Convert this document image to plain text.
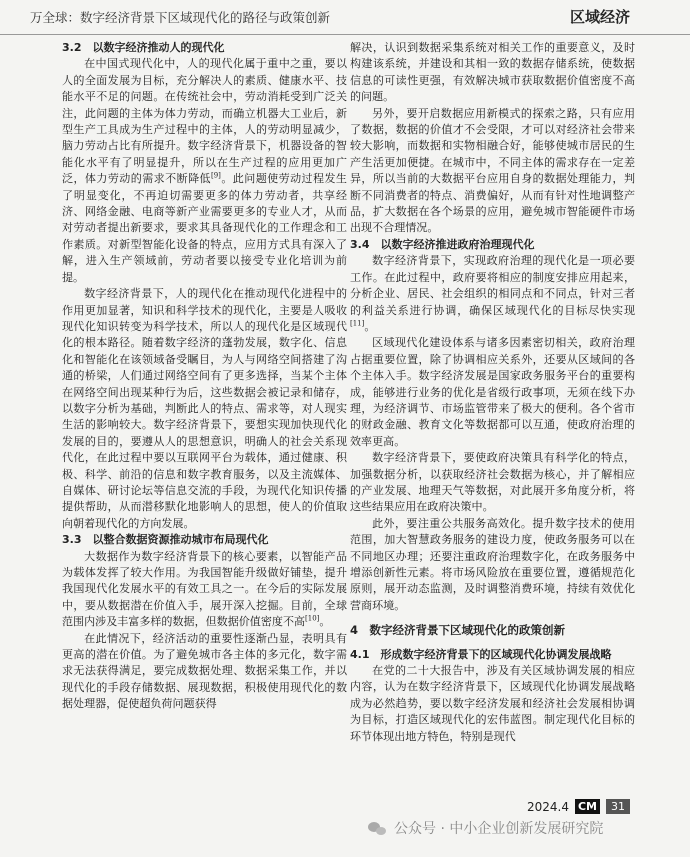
万全球：数字经济背景下区域现代化的路径与政策创新	区域经济

3.2　以数字经济推动人的现代化

在中国式现代化中，人的现代化属于重中之重，要以人的全面发展为目标，充分解决人的素质、健康水平、技能水平不足的问题。在传统社会中，劳动消耗受到广泛关注，此问题的主体为体力劳动，而确立机器大工业后，新型生产工具成为生产过程中的主体，人的劳动明显减少，脑力劳动占比有所提升。数字经济背景下，机器设备的智能化水平有了明显提升，所以在生产过程的应用更加广泛，体力劳动的需求不断降低[9]。此问题使劳动过程发生了明显变化，不再迫切需要更多的体力劳动者，共享经济、网络金融、电商等新产业需要更多的专业人才，从而对劳动者提出新要求，要求其具备现代化的工作理念和工作素质。对新型智能化设备的特点，应用方式具有深入了解，进入生产领域前，劳动者要以接受专业化培训为前提。

数字经济背景下，人的现代化在推动现代化进程中的作用更加显著，知识和科学技术的现代化，主要是人吸收现代化知识转变为科学技术，所以人的现代化是区域现代化的根本路径。随着数字经济的蓬勃发展，数字化、信息化和智能化在该领域备受瞩目，为人与网络空间搭建了沟通的桥梁，人们通过网络空间有了更多选择，当某个主体在网络空间出现某种行为后，这些数据会被记录和储存，以数字分析为基础，判断此人的特点、需求等，对人现实生活的影响较大。数字经济背景下，要想实现加快现代化发展的目的，要遵从人的思想意识，明确人的社会关系现代化，在此过程中要以互联网平台为载体，通过健康、积极、科学、前沿的信息和数字教育服务，以及主流媒体、自媒体、研讨论坛等信息交流的手段，为现代化知识传播提供帮助，从而潜移默化地影响人的思想，使人的价值取向朝着现代化的方向发展。

3.3　以整合数据资源推动城市布局现代化

大数据作为数字经济背景下的核心要素，以智能产品为载体发挥了较大作用。为我国智能升级做好铺垫，提升我国现代化发展水平的有效工具之一。在今后的实际发展中，要从数据潜在价值入手，展开深入挖掘。目前，全球范围内涉及丰富多样的数据，但数据价值密度不高[10]。

在此情况下，经济活动的重要性逐渐凸显，表明具有更高的潜在价值。为了避免城市各主体的多元化，数字需求无法获得满足，要完成数据处理、数据采集工作，并以现代化的手段存储数据、展现数据，积极使用现代化的数据处理器，促使超负荷问题获得

解决，认识到数据采集系统对相关工作的重要意义，及时构建该系统，并建设和其相一致的数据存储系统，使数据信息的可读性更强，有效解决城市获取数据价值密度不高的问题。

另外，要开启数据应用新模式的探索之路，只有应用了数据，数据的价值才不会受限，才可以对经济社会带来较大影响，而数据和实物相融合好，能够使城市居民的生产生活更加便捷。在城市中，不同主体的需求存在一定差异，所以当前的大数据平台应用自身的数据处理能力，判断不同消费者的特点、消费偏好，从而有针对性地调整产品，扩大数据在各个场景的应用，避免城市智能硬件市场出现不合理情况。

3.4　以数字经济推进政府治理现代化

数字经济背景下，实现政府治理的现代化是一项必要工作。在此过程中，政府要将相应的制度安排应用起来，分析企业、居民、社会组织的相同点和不同点，针对三者的利益关系进行协调，确保区域现代化的目标尽快实现[11]。

区域现代化建设体系与诸多因素密切相关，政府治理占据重要位置，除了协调相应关系外，还要从区域间的各个主体入手。数字经济发展是国家政务服务平台的重要构成，能够进行业务的优化是省级行政事项，无须在线下办理，为经济调节、市场监管带来了极大的便利。各个省市的财政金融、教育文化等数据都可以互通，使政府治理的效率更高。

数字经济背景下，要使政府决策具有科学化的特点，加强数据分析，以获取经济社会数据为核心，并了解相应的产业发展、地理天气等数据，对此展开多角度分析，将这些结果应用在政府决策中。

此外，要注重公共服务高效化。提升数字技术的使用范围，加大智慧政务服务的建设力度，使政务服务可以在不同地区办理；还要注重政府治理数字化，在政务服务中增添创新性元素。将市场风险放在重要位置，遵循规范化原则，展开动态监测，及时调整消费环境，持续有效优化营商环境。

4　数字经济背景下区域现代化的政策创新

4.1　形成数字经济背景下的区域现代化协调发展战略

在党的二十大报告中，涉及有关区域协调发展的相应内容，认为在数字经济背景下，区域现代化协调发展战略成为必然趋势，要以数字经济发展和经济社会发展相协调为目标，打造区域现代化的宏伟蓝图。制定现代化目标的环节体现出地方特色，特别是现代

2024.4 CM	31
公众号 · 中小企业创新发展研究院
